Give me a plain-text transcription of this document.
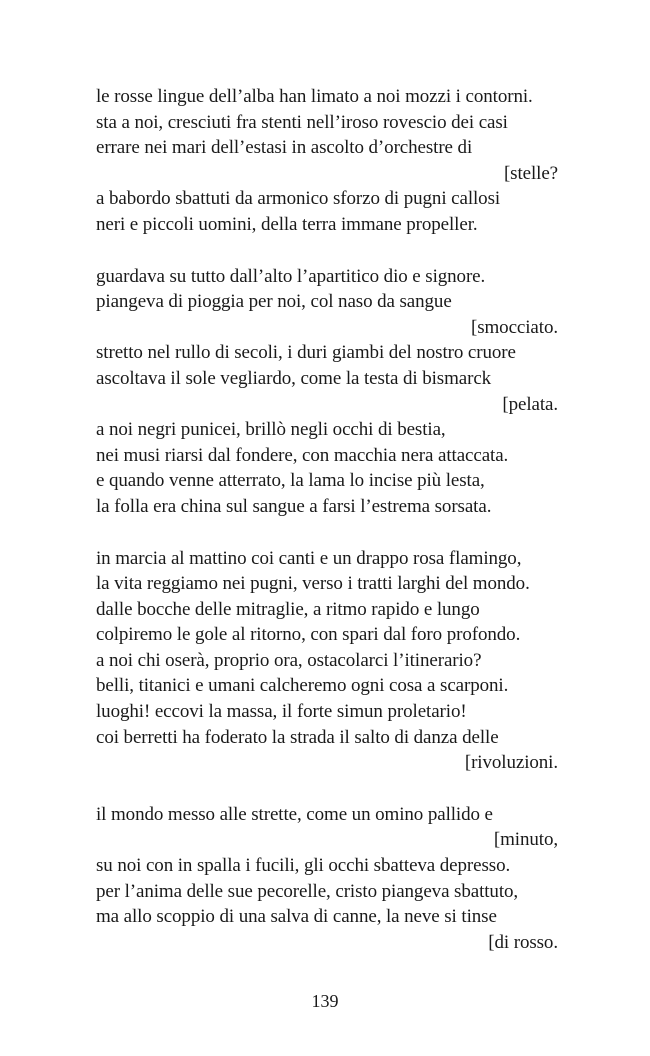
le rosse lingue dell’alba han limato a noi mozzi i contorni.
sta a noi, cresciuti fra stenti nell’iroso rovescio dei casi
errare nei mari dell’estasi in ascolto d’orchestre di
[stelle?
a babordo sbattuti da armonico sforzo di pugni callosi
neri e piccoli uomini, della terra immane propeller.
guardava su tutto dall’alto l’apartitico dio e signore.
piangeva di pioggia per noi, col naso da sangue
[smocciato.
stretto nel rullo di secoli, i duri giambi del nostro cruore
ascoltava il sole vegliardo, come la testa di bismarck
[pelata.
a noi negri punicei, brillò negli occhi di bestia,
nei musi riarsi dal fondere, con macchia nera attaccata.
e quando venne atterrato, la lama lo incise più lesta,
la folla era china sul sangue a farsi l’estrema sorsata.
in marcia al mattino coi canti e un drappo rosa flamingo,
la vita reggiamo nei pugni, verso i tratti larghi del mondo.
dalle bocche delle mitraglie, a ritmo rapido e lungo
colpiremo le gole al ritorno, con spari dal foro profondo.
a noi chi oserà, proprio ora, ostacolarci l’itinerario?
belli, titanici e umani calcheremo ogni cosa a scarponi.
luoghi! eccovi la massa, il forte simun proletario!
coi berretti ha foderato la strada il salto di danza delle
[rivoluzioni.
il mondo messo alle strette, come un omino pallido e
[minuto,
su noi con in spalla i fucili, gli occhi sbatteva depresso.
per l’anima delle sue pecorelle, cristo piangeva sbattuto,
ma allo scoppio di una salva di canne, la neve si tinse
[di rosso.
139
